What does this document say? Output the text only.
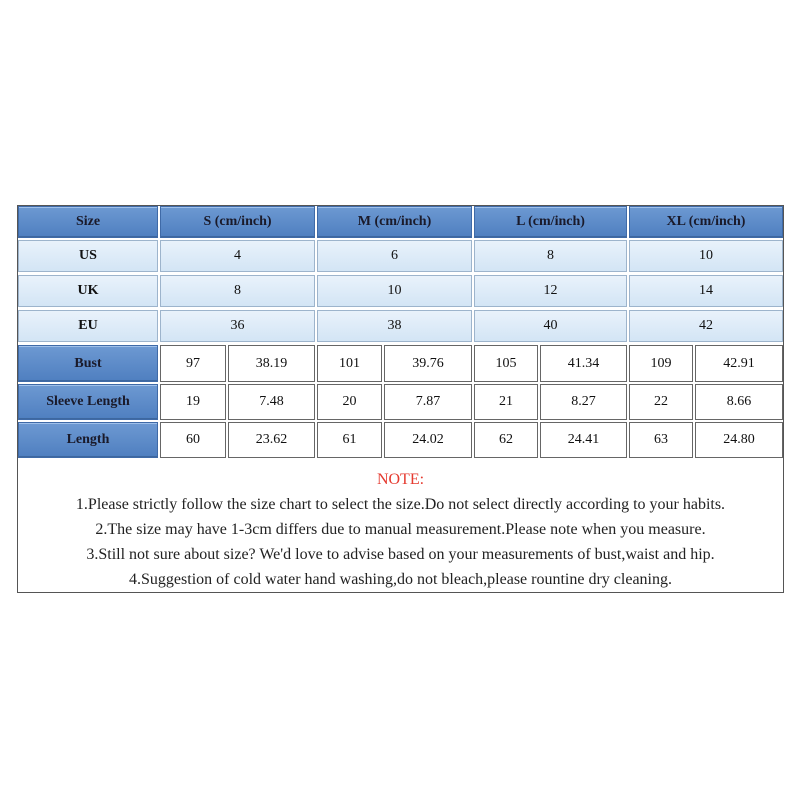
Size	S (cm/inch)	M (cm/inch)	L (cm/inch)	XL (cm/inch)
US	4	6	8	10
UK	8	10	12	14
EU	36	38	40	42
Bust	97	38.19	101	39.76	105	41.34	109	42.91
Sleeve Length	19	7.48	20	7.87	21	8.27	22	8.66
Length	60	23.62	61	24.02	62	24.41	63	24.80
NOTE:
1.Please strictly follow the size chart to select the size.Do not select directly according to your habits.
2.The size may have 1-3cm differs due to manual measurement.Please note when you measure.
3.Still not sure about size? We'd love to advise based on your measurements of bust,waist and hip.
4.Suggestion of cold water hand washing,do not bleach,please rountine dry cleaning.
